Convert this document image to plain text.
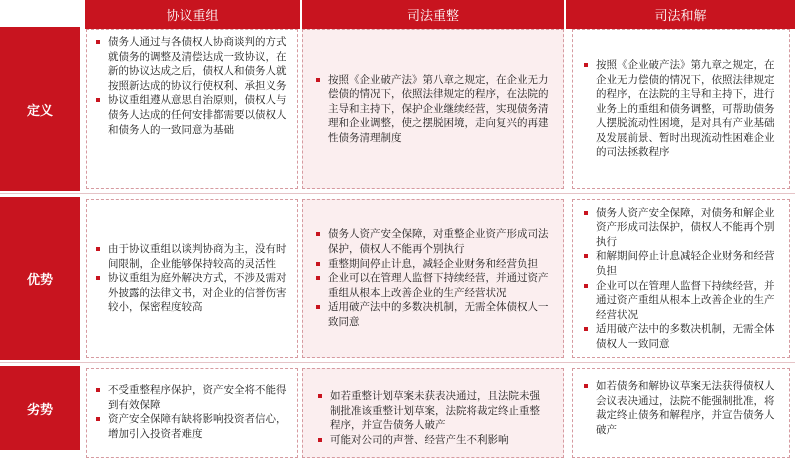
协议重组	司法重整	司法和解
定义
优势
劣势
债务人通过与各债权人协商谈判的方式就债务的调整及清偿达成一致协议，在新的协议达成之后，债权人和债务人就按照新达成的协议行使权利、承担义务
协议重组遵从意思自治原则，债权人与债务人达成的任何安排都需要以债权人和债务人的一致同意为基础
按照《企业破产法》第八章之规定，在企业无力偿债的情况下，依照法律规定的程序，在法院的主导和主持下，保护企业继续经营，实现债务清理和企业调整，使之摆脱困境，走向复兴的再建性债务清理制度
按照《企业破产法》第九章之规定，在企业无力偿债的情况下，依照法律规定的程序，在法院的主导和主持下，进行业务上的重组和债务调整，可帮助债务人摆脱流动性困境，是对具有产业基础及发展前景、暂时出现流动性困难企业的司法拯救程序
由于协议重组以谈判协商为主，没有时间限制，企业能够保持较高的灵活性
协议重组为庭外解决方式，不涉及需对外披露的法律文书，对企业的信誉伤害较小，保密程度较高
债务人资产安全保障，对重整企业资产形成司法保护，债权人不能再个别执行
重整期间停止计息，减轻企业财务和经营负担
企业可以在管理人监督下持续经营，并通过资产重组从根本上改善企业的生产经营状况
适用破产法中的多数决机制，无需全体债权人一致同意
债务人资产安全保障，对债务和解企业资产形成司法保护，债权人不能再个别执行
和解期间停止计息减轻企业财务和经营负担
企业可以在管理人监督下持续经营，并通过资产重组从根本上改善企业的生产经营状况
适用破产法中的多数决机制，无需全体债权人一致同意
不受重整程序保护，资产安全将不能得到有效保障
资产安全保障有缺将影响投资者信心，增加引入投资者难度
如若重整计划草案未获表决通过，且法院未强制批准该重整计划草案，法院将裁定终止重整程序，并宣告债务人破产
可能对公司的声誉、经营产生不利影响
如若债务和解协议草案无法获得债权人会议表决通过，法院不能强制批准，将裁定终止债务和解程序，并宣告债务人破产
